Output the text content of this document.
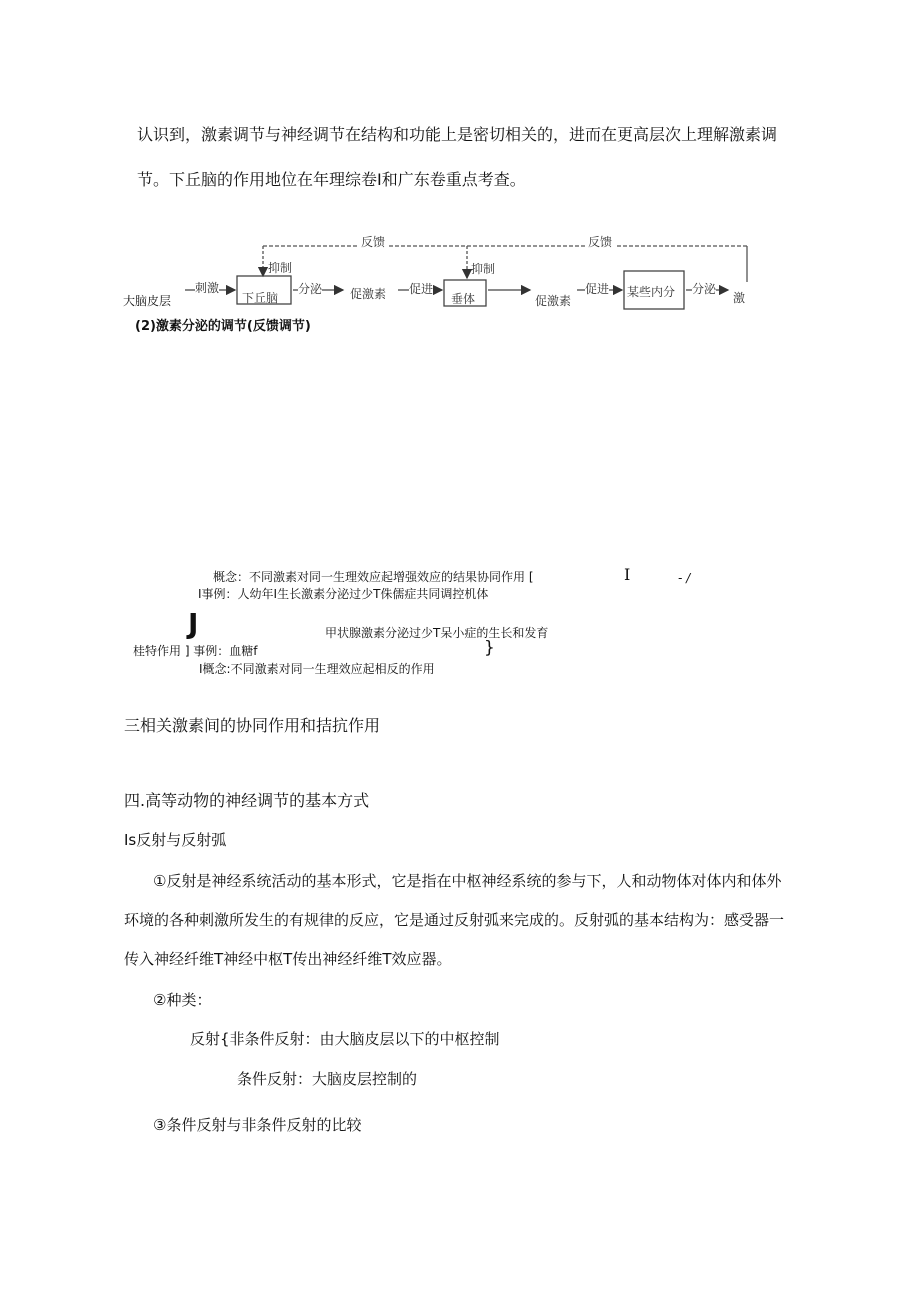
认识到，激素调节与神经调节在结构和功能上是密切相关的，进而在更高层次上理解激素调
节。下丘脑的作用地位在年理综卷I和广东卷重点考查。
反馈	反馈
抑制	抑制
大脑皮层
刺激
下丘脑
分泌 促激素 促进
垂体	促激素
促进 某些内分 分泌
激
(2)激素分泌的调节(反馈调节)
概念：不同激素对同一生理效应起增强效应的结果协同作用 [	I	- /
I事例：人幼年I生长激素分泌过少T侏儒症共同调控机体
J	甲状腺激素分泌过少T呆小症的生长和发育
桂特作用 ] 事例：血糖f	}
I概念:不同激素对同一生理效应起相反的作用
三相关激素间的协同作用和拮抗作用
四.高等动物的神经调节的基本方式
Is反射与反射弧
①反射是神经系统活动的基本形式，它是指在中枢神经系统的参与下，人和动物体对体内和体外
环境的各种刺激所发生的有规律的反应，它是通过反射弧来完成的。反射弧的基本结构为：感受器一
传入神经纤维T神经中枢T传出神经纤维T效应器。
②种类：
反射{非条件反射：由大脑皮层以下的中枢控制
条件反射：大脑皮层控制的
③条件反射与非条件反射的比较
